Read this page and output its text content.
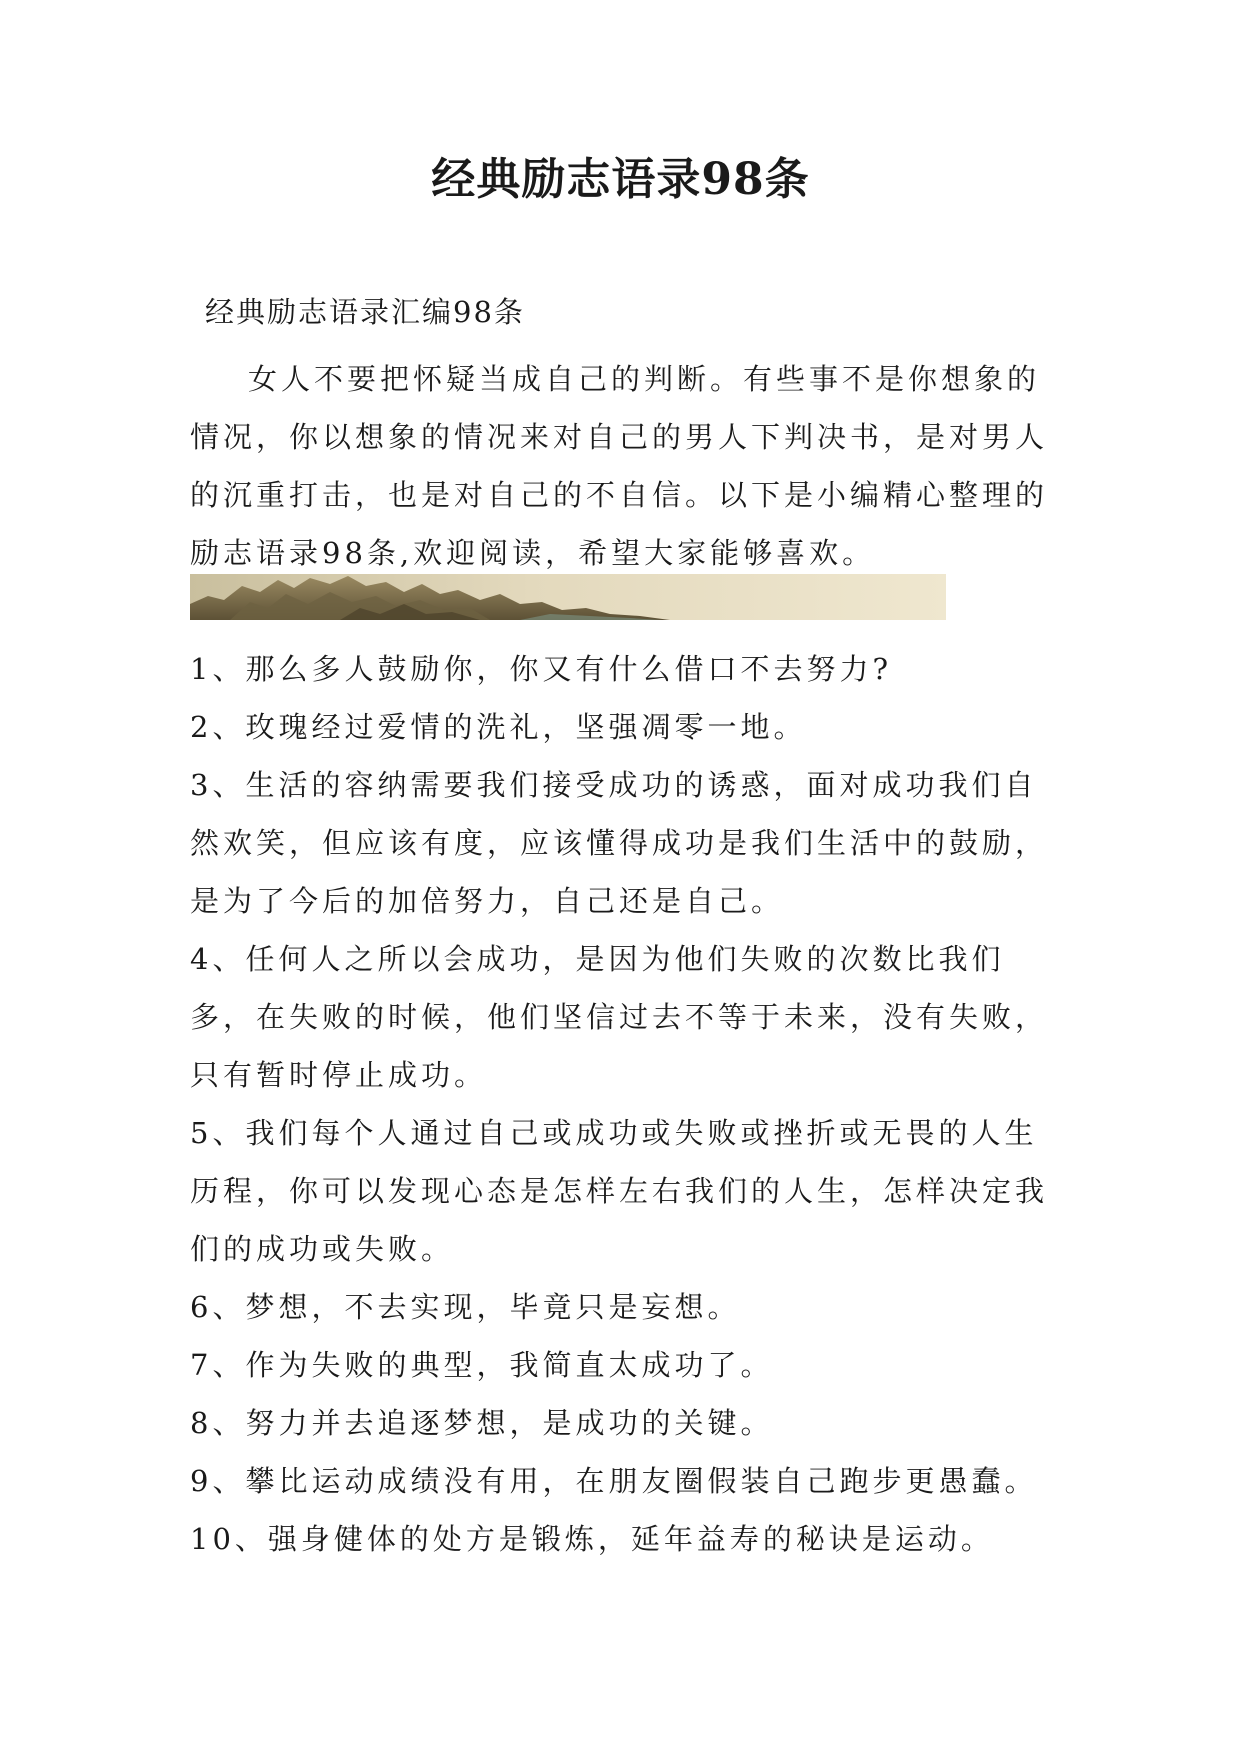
经典励志语录98条
经典励志语录汇编98条

女人不要把怀疑当成自己的判断。有些事不是你想象的情况，你以想象的情况来对自己的男人下判决书，是对男人的沉重打击，也是对自己的不自信。以下是小编精心整理的励志语录98条,欢迎阅读，希望大家能够喜欢。

1、那么多人鼓励你，你又有什么借口不去努力?
2、玫瑰经过爱情的洗礼，坚强凋零一地。
3、生活的容纳需要我们接受成功的诱惑，面对成功我们自然欢笑，但应该有度，应该懂得成功是我们生活中的鼓励，是为了今后的加倍努力，自己还是自己。
4、任何人之所以会成功，是因为他们失败的次数比我们多，在失败的时候，他们坚信过去不等于未来，没有失败，只有暂时停止成功。
5、我们每个人通过自己或成功或失败或挫折或无畏的人生历程，你可以发现心态是怎样左右我们的人生，怎样决定我们的成功或失败。
6、梦想，不去实现，毕竟只是妄想。
7、作为失败的典型，我简直太成功了。
8、努力并去追逐梦想，是成功的关键。
9、攀比运动成绩没有用，在朋友圈假装自己跑步更愚蠢。
10、强身健体的处方是锻炼，延年益寿的秘诀是运动。
